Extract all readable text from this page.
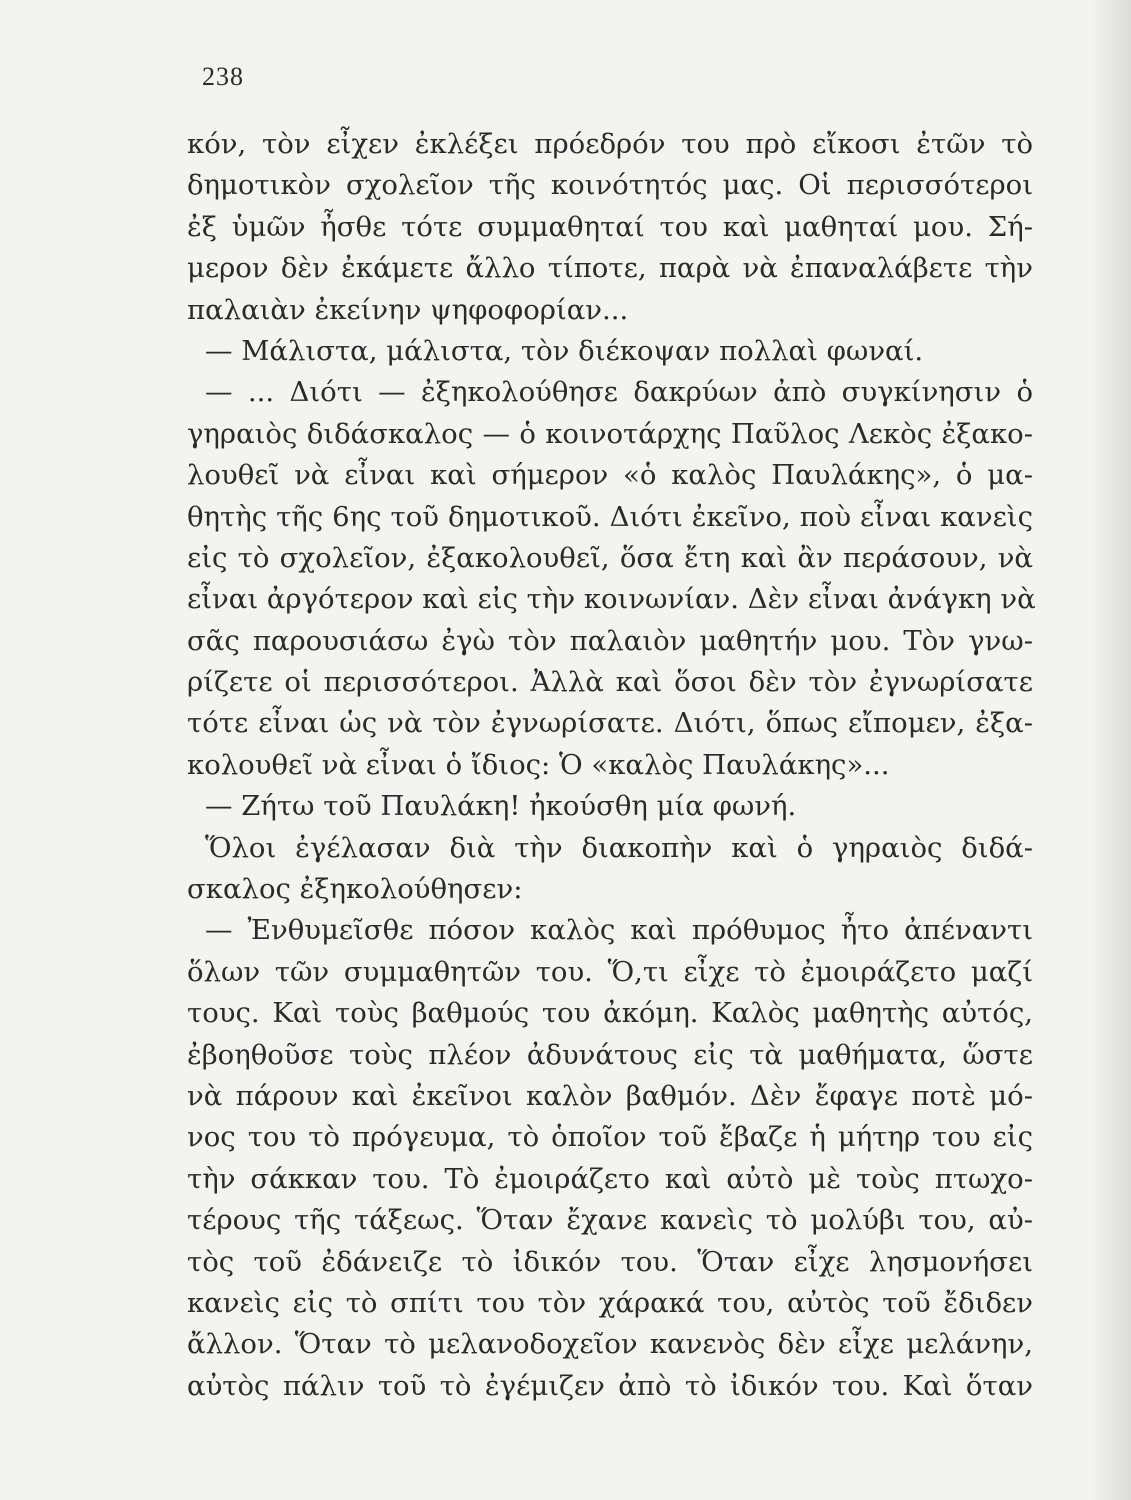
238
κόν, τὸν εἶχεν ἐκλέξει πρόεδρόν του πρὸ εἴκοσι ἐτῶν τὸ
δημοτικὸν σχολεῖον τῆς κοινότητός μας. Οἱ περισσότεροι
ἐξ ὑμῶν ἦσθε τότε συμμαθηταί του καὶ μαθηταί μου. Σή-
μερον δὲν ἐκάμετε ἄλλο τίποτε, παρὰ νὰ ἐπαναλάβετε τὴν
παλαιὰν ἐκείνην ψηφοφορίαν...
— Μάλιστα, μάλιστα, τὸν διέκοψαν πολλαὶ φωναί.
— ... Διότι — ἐξηκολούθησε δακρύων ἀπὸ συγκίνησιν ὁ
γηραιὸς διδάσκαλος — ὁ κοινοτάρχης Παῦλος Λεκὸς ἐξακο-
λουθεῖ νὰ εἶναι καὶ σήμερον «ὁ καλὸς Παυλάκης», ὁ μα-
θητὴς τῆς 6ης τοῦ δημοτικοῦ. Διότι ἐκεῖνο, ποὺ εἶναι κανεὶς
εἰς τὸ σχολεῖον, ἐξακολουθεῖ, ὅσα ἔτη καὶ ἂν περάσουν, νὰ
εἶναι ἀργότερον καὶ εἰς τὴν κοινωνίαν. Δὲν εἶναι ἀνάγκη νὰ
σᾶς παρουσιάσω ἐγὼ τὸν παλαιὸν μαθητήν μου. Τὸν γνω-
ρίζετε οἱ περισσότεροι. Ἀλλὰ καὶ ὅσοι δὲν τὸν ἐγνωρίσατε
τότε εἶναι ὡς νὰ τὸν ἐγνωρίσατε. Διότι, ὅπως εἴπομεν, ἐξα-
κολουθεῖ νὰ εἶναι ὁ ἴδιος: Ὁ «καλὸς Παυλάκης»...
— Ζήτω τοῦ Παυλάκη! ἠκούσθη μία φωνή.
Ὅλοι ἐγέλασαν διὰ τὴν διακοπὴν καὶ ὁ γηραιὸς διδά-
σκαλος ἐξηκολούθησεν:
— Ἐνθυμεῖσθε πόσον καλὸς καὶ πρόθυμος ἦτο ἀπέναντι
ὅλων τῶν συμμαθητῶν του. Ὅ,τι εἶχε τὸ ἐμοιράζετο μαζί
τους. Καὶ τοὺς βαθμούς του ἀκόμη. Καλὸς μαθητὴς αὐτός,
ἐβοηθοῦσε τοὺς πλέον ἀδυνάτους εἰς τὰ μαθήματα, ὥστε
νὰ πάρουν καὶ ἐκεῖνοι καλὸν βαθμόν. Δὲν ἔφαγε ποτὲ μό-
νος του τὸ πρόγευμα, τὸ ὁποῖον τοῦ ἔβαζε ἡ μήτηρ του εἰς
τὴν σάκκαν του. Τὸ ἐμοιράζετο καὶ αὐτὸ μὲ τοὺς πτωχο-
τέρους τῆς τάξεως. Ὅταν ἔχανε κανεὶς τὸ μολύβι του, αὐ-
τὸς τοῦ ἐδάνειζε τὸ ἰδικόν του. Ὅταν εἶχε λησμονήσει
κανεὶς εἰς τὸ σπίτι του τὸν χάρακά του, αὐτὸς τοῦ ἔδιδεν
ἄλλον. Ὅταν τὸ μελανοδοχεῖον κανενὸς δὲν εἶχε μελάνην,
αὐτὸς πάλιν τοῦ τὸ ἐγέμιζεν ἀπὸ τὸ ἰδικόν του. Καὶ ὅταν
